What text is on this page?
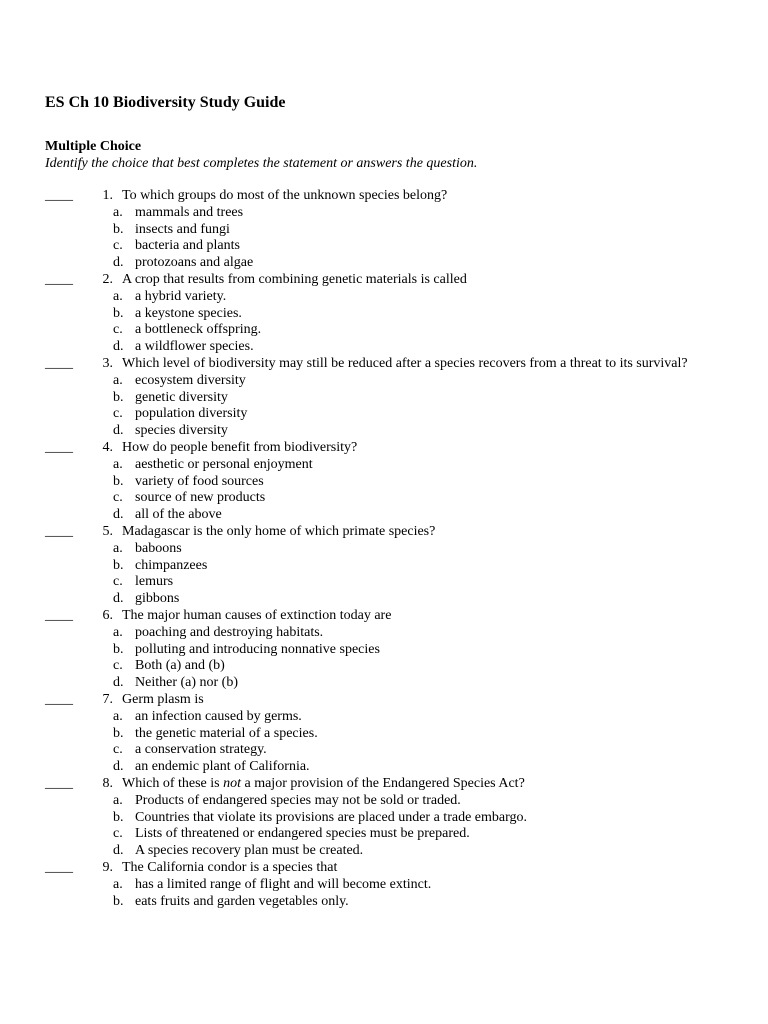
ES Ch 10 Biodiversity Study Guide
Multiple Choice
Identify the choice that best completes the statement or answers the question.
____	1. To which groups do most of the unknown species belong?
a. mammals and trees
b. insects and fungi
c. bacteria and plants
d. protozoans and algae
____	2. A crop that results from combining genetic materials is called
a. a hybrid variety.
b. a keystone species.
c. a bottleneck offspring.
d. a wildflower species.
____	3. Which level of biodiversity may still be reduced after a species recovers from a threat to its survival?
a. ecosystem diversity
b. genetic diversity
c. population diversity
d. species diversity
____	4. How do people benefit from biodiversity?
a. aesthetic or personal enjoyment
b. variety of food sources
c. source of new products
d. all of the above
____	5. Madagascar is the only home of which primate species?
a. baboons
b. chimpanzees
c. lemurs
d. gibbons
____	6. The major human causes of extinction today are
a. poaching and destroying habitats.
b. polluting and introducing nonnative species
c. Both (a) and (b)
d. Neither (a) nor (b)
____	7. Germ plasm is
a. an infection caused by germs.
b. the genetic material of a species.
c. a conservation strategy.
d. an endemic plant of California.
____	8. Which of these is not a major provision of the Endangered Species Act?
a. Products of endangered species may not be sold or traded.
b. Countries that violate its provisions are placed under a trade embargo.
c. Lists of threatened or endangered species must be prepared.
d. A species recovery plan must be created.
____	9. The California condor is a species that
a. has a limited range of flight and will become extinct.
b. eats fruits and garden vegetables only.
